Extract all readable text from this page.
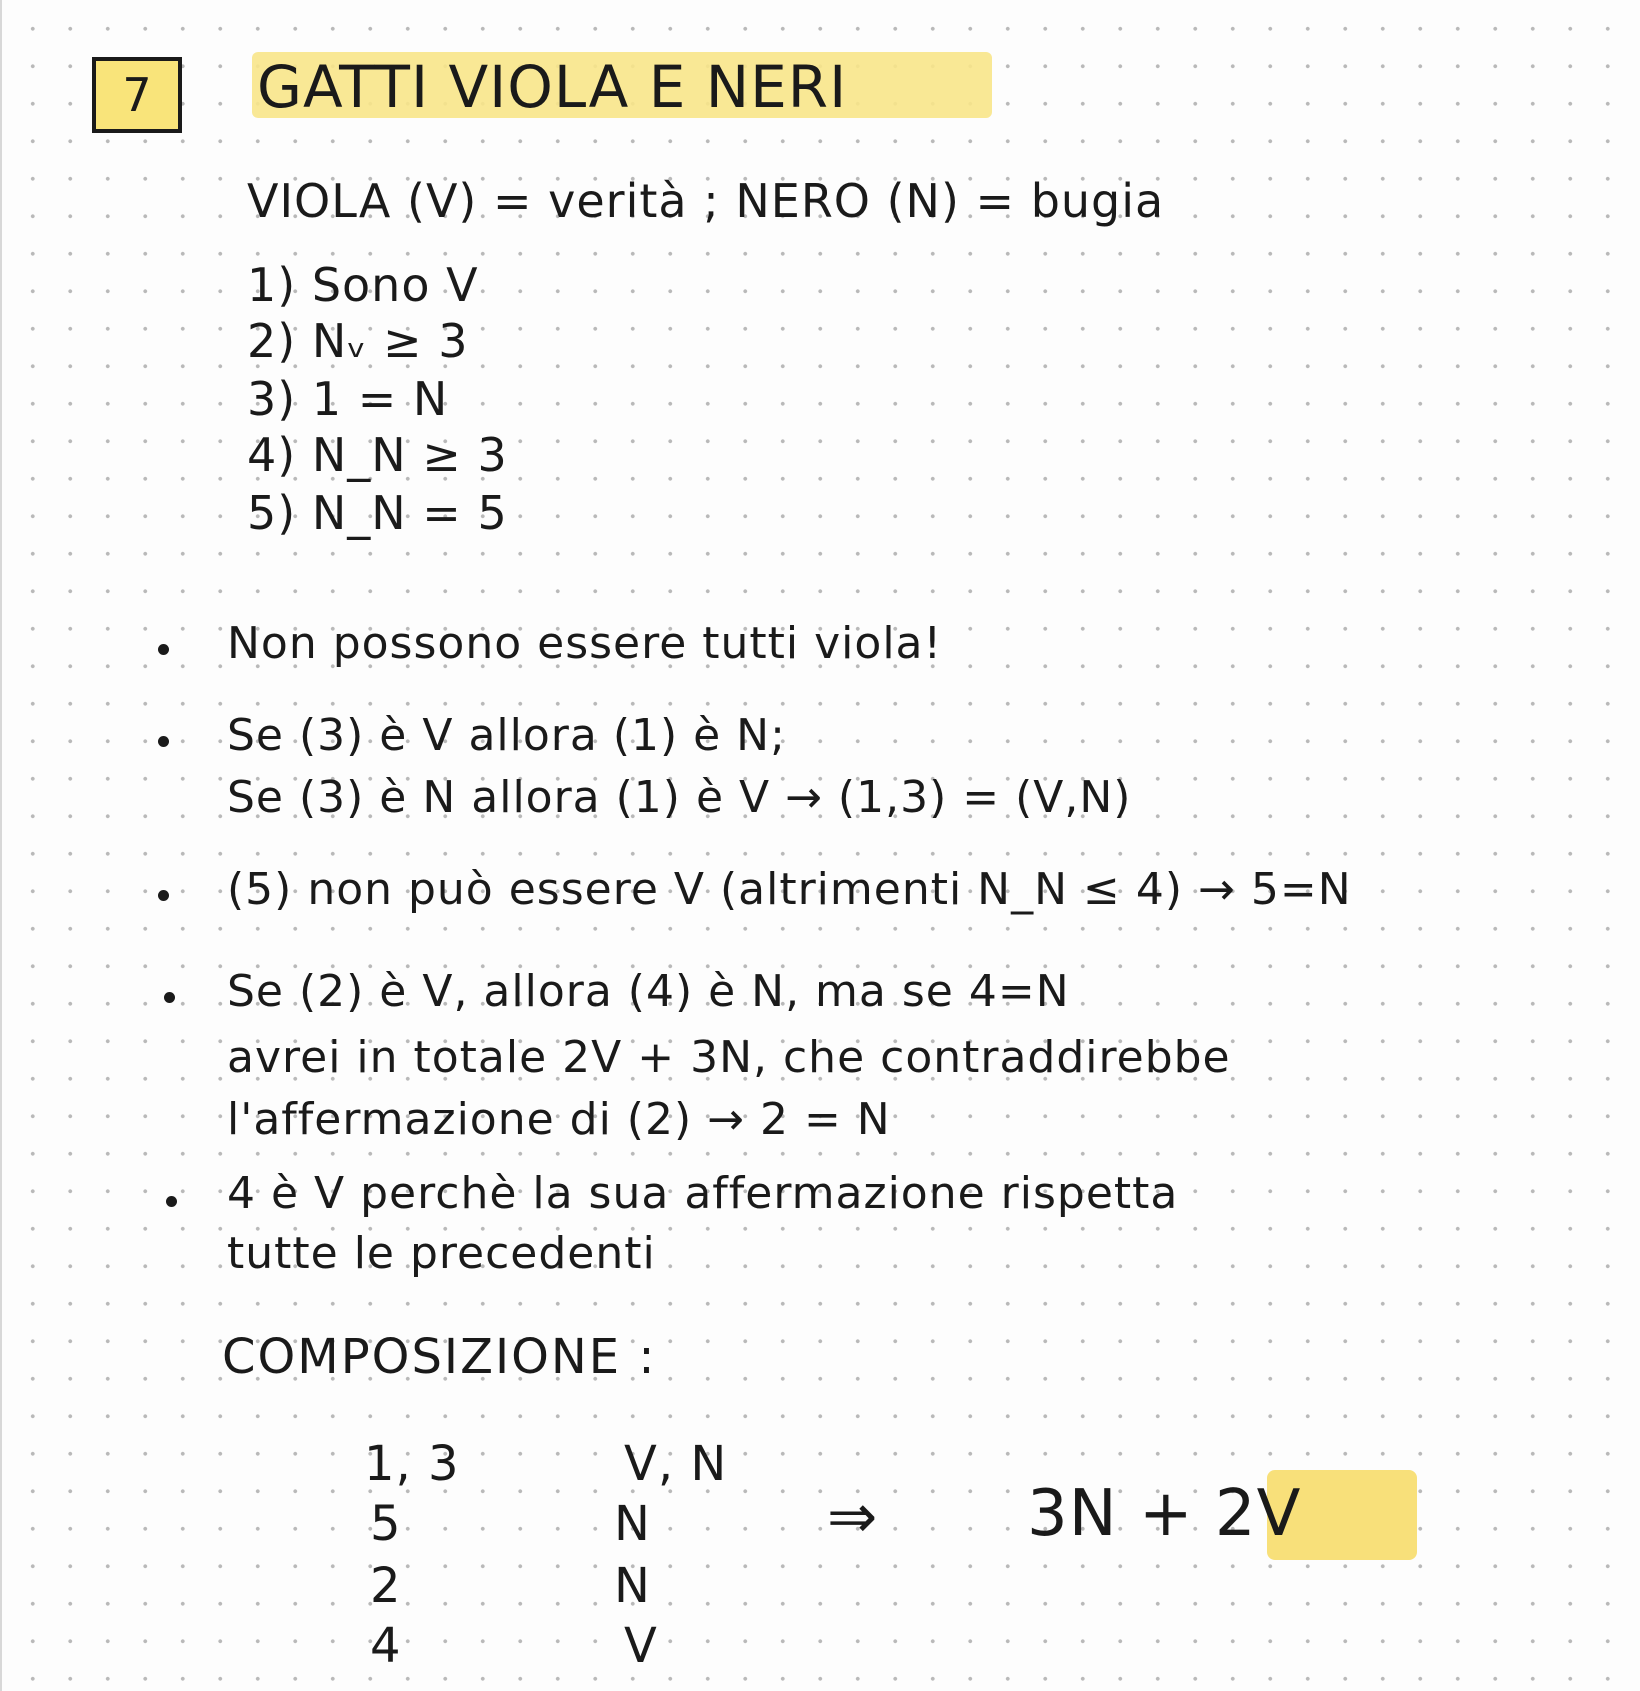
7	GATTI VIOLA E NERI
VIOLA (V) = verità ; NERO (N) = bugia
1) Sono V
2) Nᵥ ≥ 3
3) 1 = N
4) N_N ≥ 3
5) N_N = 5
Non possono essere tutti viola!
Se (3) è V allora (1) è N;
Se (3) è N allora (1) è V → (1,3) = (V,N)
(5) non può essere V (altrimenti N_N ≤ 4) → 5=N
Se (2) è V, allora (4) è N, ma se 4=N
avrei in totale 2V + 3N, che contraddirebbe
l'affermazione di (2) → 2 = N
4 è V perchè la sua affermazione rispetta
tutte le precedenti
COMPOSIZIONE :
1, 3
5
2
4
V, N
N
N
V
⇒ 3N + 2V
